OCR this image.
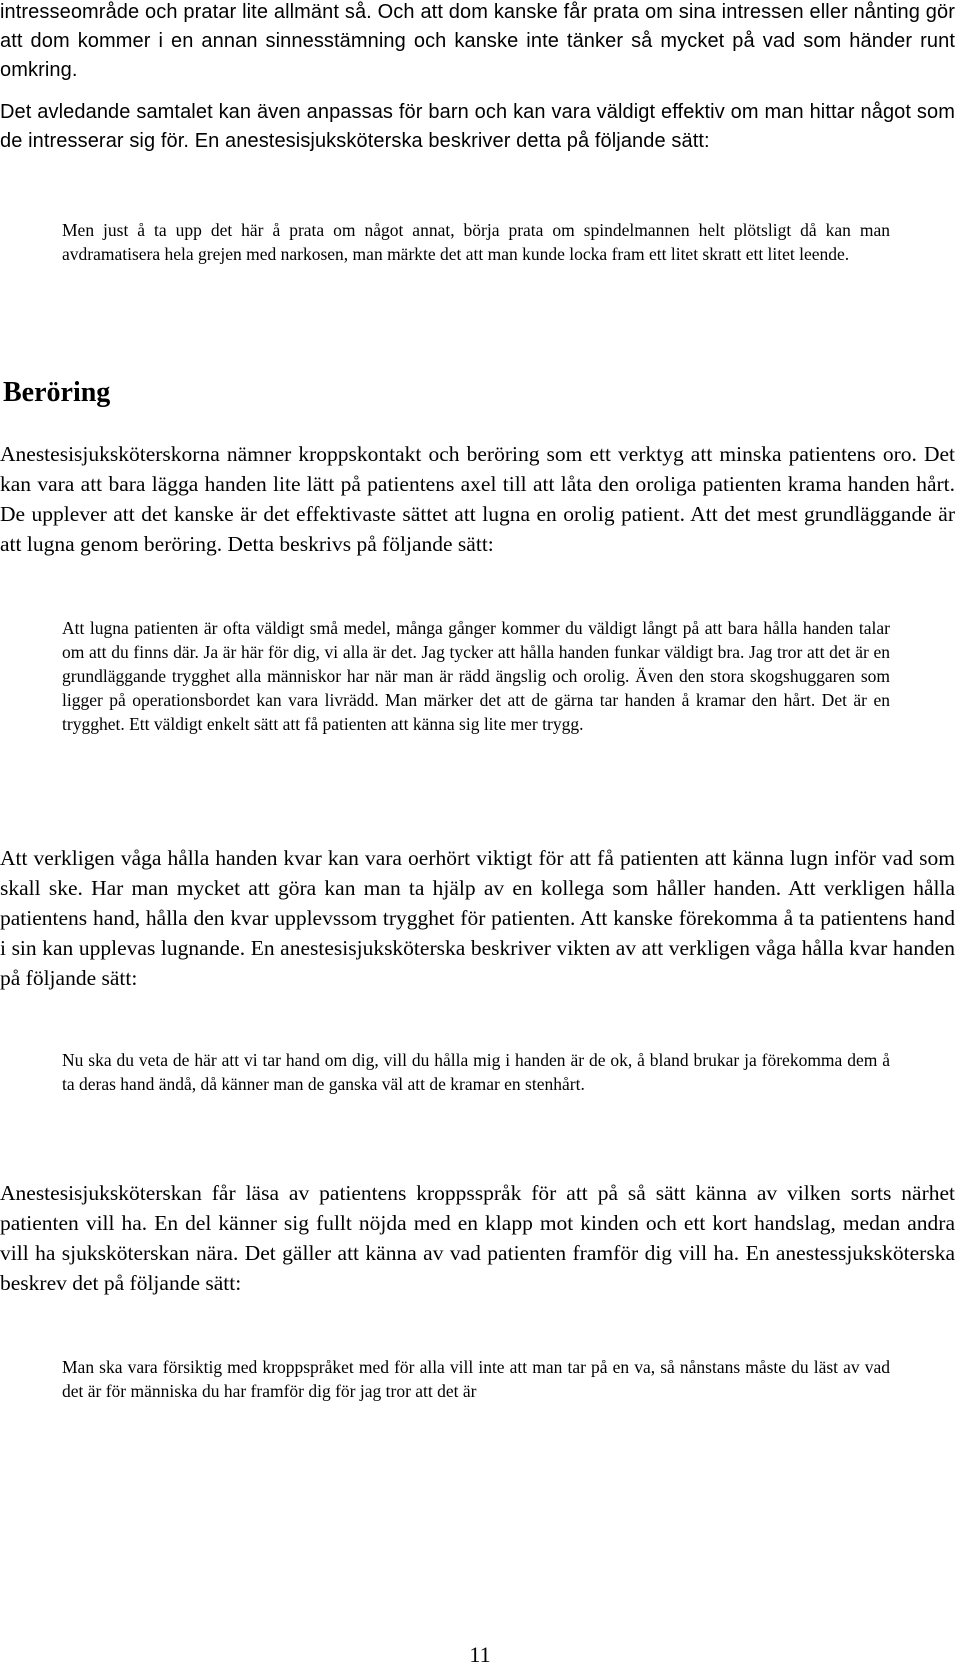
intresseområde och pratar lite allmänt så. Och att dom kanske får prata om sina intressen eller nånting gör att dom kommer i en annan sinnesstämning och kanske inte tänker så mycket på vad som händer runt omkring.

Det avledande samtalet kan även anpassas för barn och kan vara väldigt effektiv om man hittar något som de intresserar sig för. En anestesisjuksköterska beskriver detta på följande sätt:

Men just å ta upp det här å prata om något annat, börja prata om spindelmannen helt plötsligt då kan man avdramatisera hela grejen med narkosen, man märkte det att man kunde locka fram ett litet skratt ett litet leende.

Beröring

Anestesisjuksköterskorna nämner kroppskontakt och beröring som ett verktyg att minska patientens oro. Det kan vara att bara lägga handen lite lätt på patientens axel till att låta den oroliga patienten krama handen hårt. De upplever att det kanske är det effektivaste sättet att lugna en orolig patient. Att det mest grundläggande är att lugna genom beröring. Detta beskrivs på följande sätt:

Att lugna patienten är ofta väldigt små medel, många gånger kommer du väldigt långt på att bara hålla handen talar om att du finns där. Ja är här för dig, vi alla är det. Jag tycker att hålla handen funkar väldigt bra. Jag tror att det är en grundläggande trygghet alla människor har när man är rädd ängslig och orolig. Även den stora skogshuggaren som ligger på operationsbordet kan vara livrädd. Man märker det att de gärna tar handen å kramar den hårt. Det är en trygghet. Ett väldigt enkelt sätt att få patienten att känna sig lite mer trygg.

Att verkligen våga hålla handen kvar kan vara oerhört viktigt för att få patienten att känna lugn inför vad som skall ske. Har man mycket att göra kan man ta hjälp av en kollega som håller handen. Att verkligen hålla patientens hand, hålla den kvar upplevssom trygghet för patienten. Att kanske förekomma å ta patientens hand i sin kan upplevas lugnande. En anestesisjuksköterska beskriver vikten av att verkligen våga hålla kvar handen på följande sätt:

Nu ska du veta de här att vi tar hand om dig, vill du hålla mig i handen är de ok, å bland brukar ja förekomma dem å ta deras hand ändå, då känner man de ganska väl att de kramar en stenhårt.

Anestesisjuksköterskan får läsa av patientens kroppsspråk för att på så sätt känna av vilken sorts närhet patienten vill ha. En del känner sig fullt nöjda med en klapp mot kinden och ett kort handslag, medan andra vill ha sjuksköterskan nära. Det gäller att känna av vad patienten framför dig vill ha. En anestessjuksköterska beskrev det på följande sätt:

Man ska vara försiktig med kroppspråket med för alla vill inte att man tar på en va, så nånstans måste du läst av vad det är för människa du har framför dig för jag tror att det är

11
